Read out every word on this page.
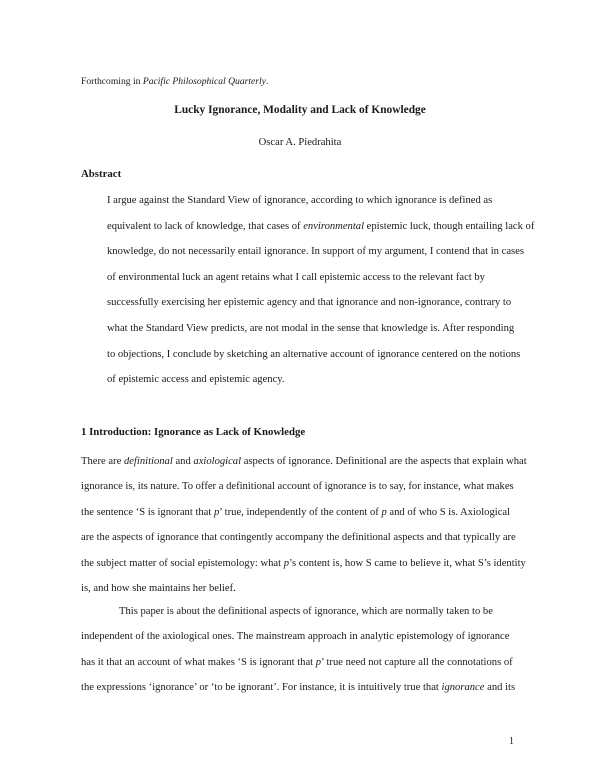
Forthcoming in Pacific Philosophical Quarterly.
Lucky Ignorance, Modality and Lack of Knowledge
Oscar A. Piedrahita
Abstract
I argue against the Standard View of ignorance, according to which ignorance is defined as
equivalent to lack of knowledge, that cases of environmental epistemic luck, though entailing lack of
knowledge, do not necessarily entail ignorance. In support of my argument, I contend that in cases
of environmental luck an agent retains what I call epistemic access to the relevant fact by
successfully exercising her epistemic agency and that ignorance and non-ignorance, contrary to
what the Standard View predicts, are not modal in the sense that knowledge is. After responding
to objections, I conclude by sketching an alternative account of ignorance centered on the notions
of epistemic access and epistemic agency.
1 Introduction: Ignorance as Lack of Knowledge
There are definitional and axiological aspects of ignorance. Definitional are the aspects that explain what
ignorance is, its nature. To offer a definitional account of ignorance is to say, for instance, what makes
the sentence ‘S is ignorant that p’ true, independently of the content of p and of who S is. Axiological
are the aspects of ignorance that contingently accompany the definitional aspects and that typically are
the subject matter of social epistemology: what p’s content is, how S came to believe it, what S’s identity
is, and how she maintains her belief.
This paper is about the definitional aspects of ignorance, which are normally taken to be
independent of the axiological ones. The mainstream approach in analytic epistemology of ignorance
has it that an account of what makes ‘S is ignorant that p’ true need not capture all the connotations of
the expressions ‘ignorance’ or ‘to be ignorant’. For instance, it is intuitively true that ignorance and its
1
